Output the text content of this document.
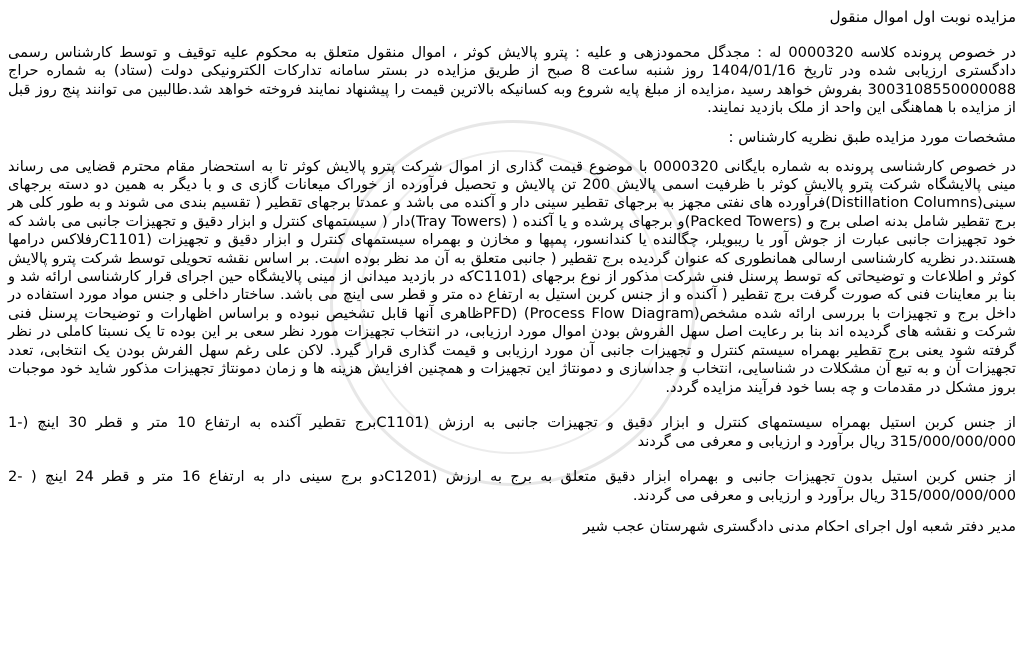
مزایده نوبت اول اموال منقول

در خصوص پرونده کلاسه 0000320 له : مجدگل محمودزهی و علیه : پترو پالایش کوثر ، اموال منقول متعلق به محکوم علیه توقیف و توسط کارشناس رسمی دادگستری ارزیابی شده ودر تاریخ 1404/01/16 روز شنبه ساعت 8 صبح از طریق مزایده در بستر سامانه تدارکات الکترونیکی دولت (ستاد) به شماره حراج 3003108550000088 بفروش خواهد رسید ،مزایده از مبلغ پایه شروع وبه کسانیکه بالاترین قیمت را پیشنهاد نمایند فروخته خواهد شد.طالبین می توانند پنج روز قبل از مزایده با هماهنگی این واحد از ملک بازدید نمایند.

مشخصات مورد مزایده طبق نظریه کارشناس :

در خصوص کارشناسی پرونده به شماره بایگانی 0000320 با موضوع قیمت گذاری از اموال شرکت پترو پالایش کوثر تا به استحضار مقام محترم قضایی می رساند مینی پالایشگاه شرکت پترو پالایش کوثر با ظرفیت اسمی پالایش 200 تن پالایش و تحصیل فرآورده از خوراک میعانات گازی ی و با دیگر به همین دو دسته برجهای سینی(Distillation Columns)فرآورده های نفتی مجهز به برجهای تقطیر سینی دار و آکنده می باشد و عمدتا برجهای تقطیر ( تقسیم بندی می شوند و به طور کلی هر برج تقطیر شامل بدنه اصلی برج و (Packed Towers)و برجهای پرشده و یا آکنده ( (Tray Towers)دار ( سیستمهای کنترل و ابزار دقیق و تجهیزات جانبی می باشد که خود تجهیزات جانبی عبارت از جوش آور یا ریبویلر، چگالنده یا کندانسور، پمپها و مخازن و بهمراه سیستمهای کنترل و ابزار دقیق و تجهیزات (C1101رفلاکس درامها هستند.در نظریه کارشناسی ارسالی همانطوری که عنوان گردیده برج تقطیر ( جانبی متعلق به آن مد نظر بوده است. بر اساس نقشه تحویلی توسط شرکت پترو پالایش کوثر و اطلاعات و توضیحاتی که توسط پرسنل فنی شرکت مذکور از نوع برجهای (C1101که در بازدید میدانی از مینی پالایشگاه حین اجرای قرار کارشناسی ارائه شد و بنا بر معاینات فنی که صورت گرفت برج تقطیر ( آکنده و از جنس کربن استیل به ارتفاع ده متر و قطر سی اینچ می باشد. ساختار داخلی و جنس مواد مورد استفاده در داخل برج و تجهیزات با بررسی ارائه شده مشخص(Process Flow Diagram) (PFDظاهری آنها قابل تشخیص نبوده و براساس اظهارات و توضیحات پرسنل فنی شرکت و نقشه های گردیده اند بنا بر رعایت اصل سهل الفروش بودن اموال مورد ارزیابی، در انتخاب تجهیزات مورد نظر سعی بر این بوده تا یک نسبتا کاملی در نظر گرفته شود یعنی برج تقطیر بهمراه سیستم کنترل و تجهیزات جانبی آن مورد ارزیابی و قیمت گذاری قرار گیرد. لاکن علی رغم سهل الفرش بودن یک انتخابی، تعدد تجهیزات آن و به تبع آن مشکلات در شناسایی، انتخاب و جداسازی و دمونتاژ این تجهیزات و همچنین افزایش هزینه ها و زمان دمونتاژ تجهیزات مذکور شاید خود موجبات بروز مشکل در مقدمات و چه بسا خود فرآیند مزایده گردد.

از جنس کربن استیل بهمراه سیستمهای کنترل و ابزار دقیق و تجهیزات جانبی به ارزش (C1101برج تقطیر آکنده به ارتفاع 10 متر و قطر 30 اینچ (-1 315/000/000/000 ریال برآورد و ارزیابی و معرفی می گردند

از جنس کربن استیل بدون تجهیزات جانبی و بهمراه ابزار دقیق متعلق به برج به ارزش (C1201دو برج سینی دار به ارتفاع 16 متر و قطر 24 اینچ ( -2 315/000/000/000 ریال برآورد و ارزیابی و معرفی می گردند.

مدیر دفتر شعبه اول اجرای احکام مدنی دادگستری شهرستان عجب شیر
